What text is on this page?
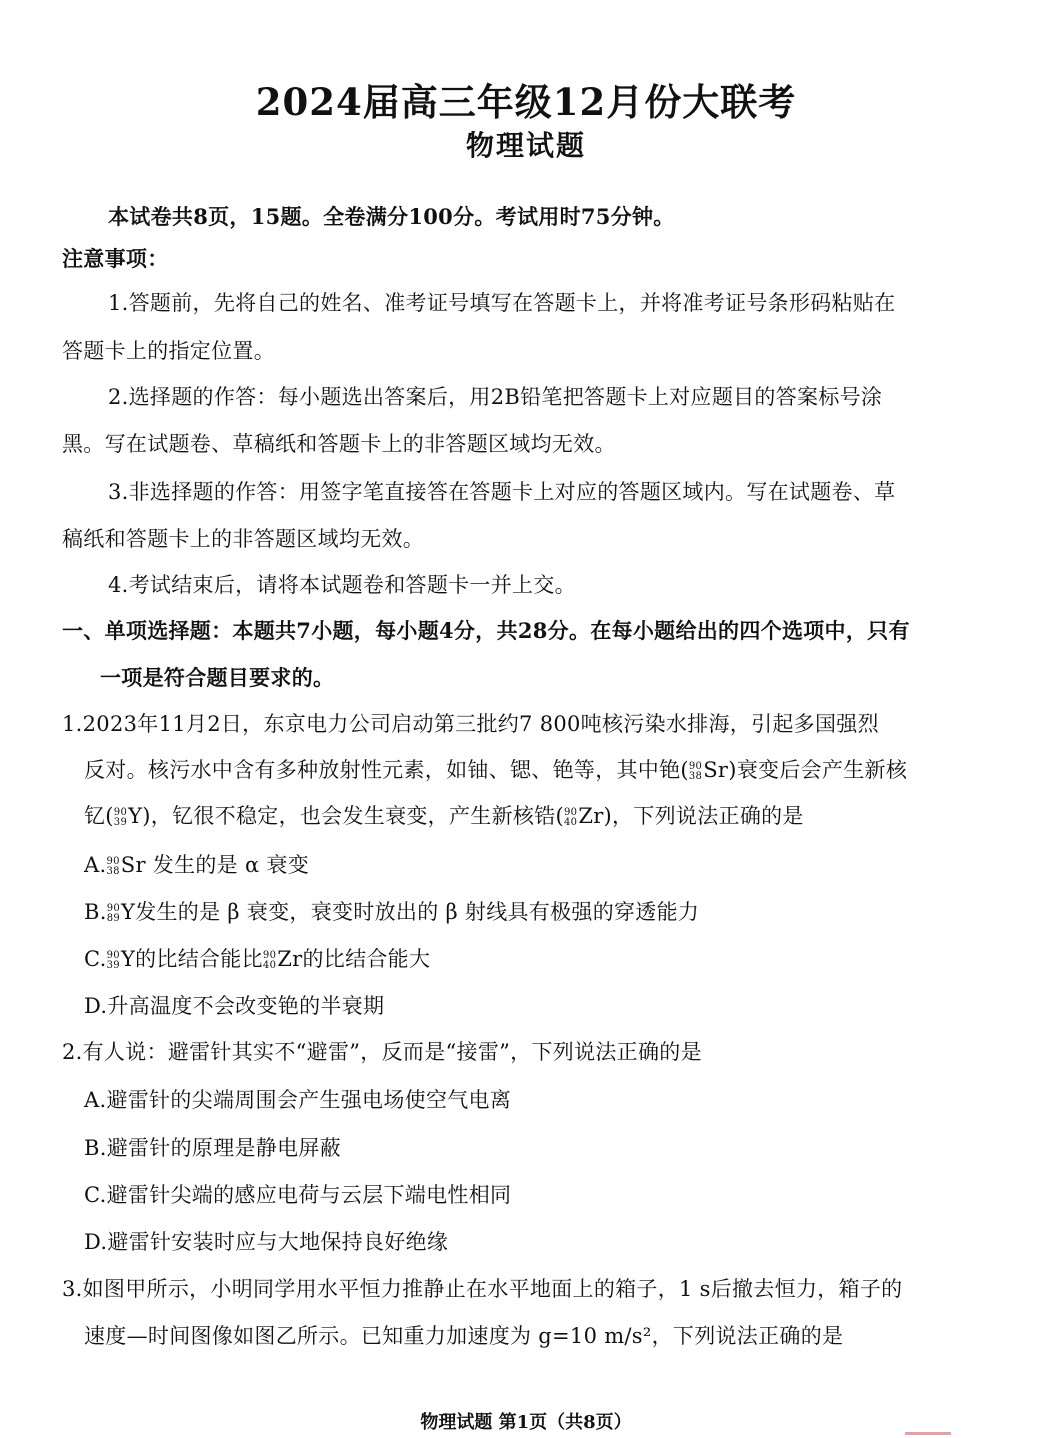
2024届高三年级12月份大联考
物理试题
本试卷共8页，15题。全卷满分100分。考试用时75分钟。
注意事项：
1.答题前，先将自己的姓名、准考证号填写在答题卡上，并将准考证号条形码粘贴在
答题卡上的指定位置。
2.选择题的作答：每小题选出答案后，用2B铅笔把答题卡上对应题目的答案标号涂
黑。写在试题卷、草稿纸和答题卡上的非答题区域均无效。
3.非选择题的作答：用签字笔直接答在答题卡上对应的答题区域内。写在试题卷、草
稿纸和答题卡上的非答题区域均无效。
4.考试结束后，请将本试题卷和答题卡一并上交。
一、单项选择题：本题共7小题，每小题4分，共28分。在每小题给出的四个选项中，只有
一项是符合题目要求的。
1.2023年11月2日，东京电力公司启动第三批约7 800吨核污染水排海，引起多国强烈
反对。核污水中含有多种放射性元素，如铀、锶、铯等，其中铯( 90
38 Sr)衰变后会产生新核
钇( 90
39 Y)，钇很不稳定，也会发生衰变，产生新核锆( 90
40 Zr)，下列说法正确的是
A. 90
38 Sr 发生的是 α 衰变
B. 90
89 Y发生的是 β 衰变，衰变时放出的 β 射线具有极强的穿透能力
C. 90
39 Y的比结合能比 90
40 Zr的比结合能大
D.升高温度不会改变铯的半衰期
2.有人说：避雷针其实不“避雷”，反而是“接雷”，下列说法正确的是
A.避雷针的尖端周围会产生强电场使空气电离
B.避雷针的原理是静电屏蔽
C.避雷针尖端的感应电荷与云层下端电性相同
D.避雷针安装时应与大地保持良好绝缘
3.如图甲所示，小明同学用水平恒力推静止在水平地面上的箱子，1 s后撤去恒力，箱子的
速度—时间图像如图乙所示。已知重力加速度为 g=10 m/s²，下列说法正确的是
物理试题 第1页（共8页）
